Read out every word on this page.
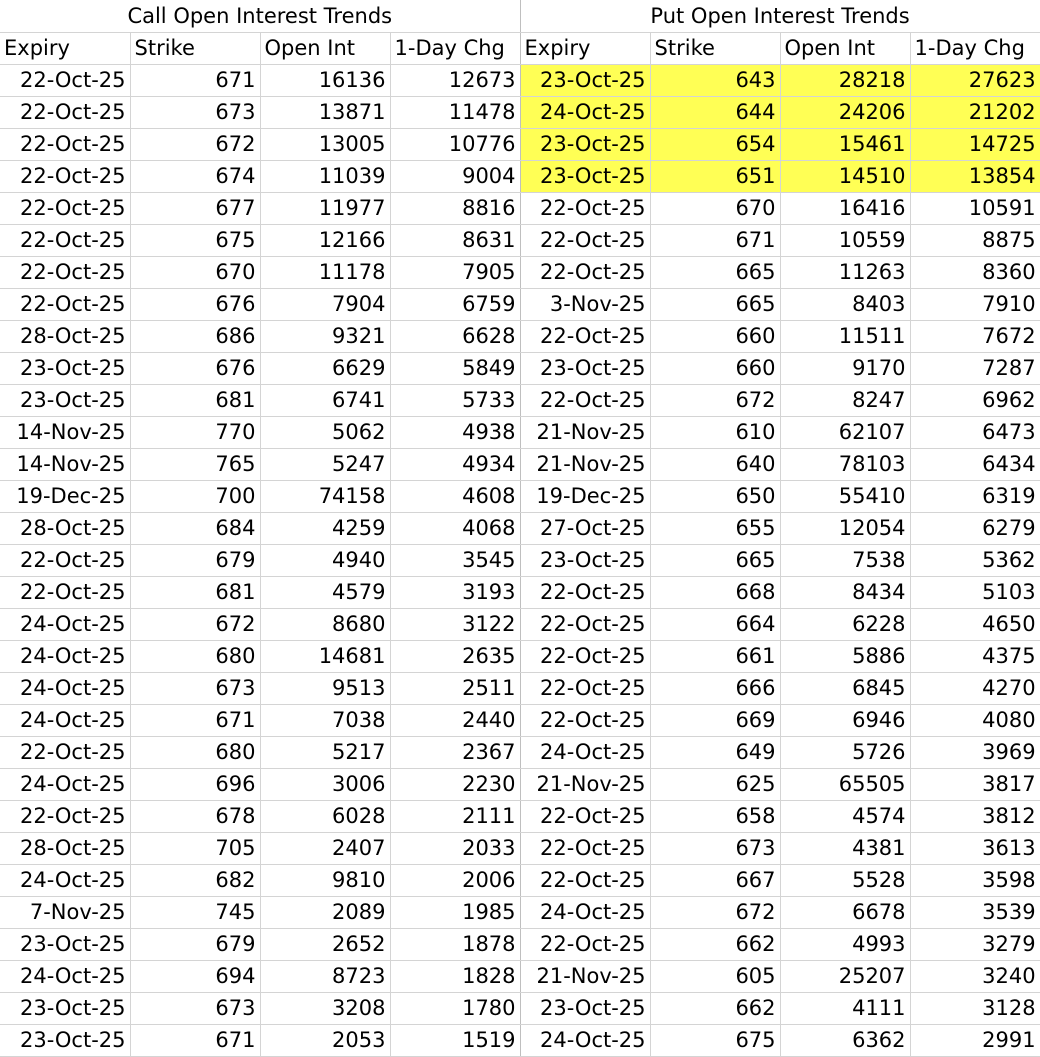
Call Open Interest Trends				Put Open Interest Trends			
Expiry	Strike	Open Int	1-Day Chg	Expiry	Strike	Open Int	1-Day Chg
22-Oct-25	671	16136	12673	23-Oct-25	643	28218	27623
22-Oct-25	673	13871	11478	24-Oct-25	644	24206	21202
22-Oct-25	672	13005	10776	23-Oct-25	654	15461	14725
22-Oct-25	674	11039	9004	23-Oct-25	651	14510	13854
22-Oct-25	677	11977	8816	22-Oct-25	670	16416	10591
22-Oct-25	675	12166	8631	22-Oct-25	671	10559	8875
22-Oct-25	670	11178	7905	22-Oct-25	665	11263	8360
22-Oct-25	676	7904	6759	3-Nov-25	665	8403	7910
28-Oct-25	686	9321	6628	22-Oct-25	660	11511	7672
23-Oct-25	676	6629	5849	23-Oct-25	660	9170	7287
23-Oct-25	681	6741	5733	22-Oct-25	672	8247	6962
14-Nov-25	770	5062	4938	21-Nov-25	610	62107	6473
14-Nov-25	765	5247	4934	21-Nov-25	640	78103	6434
19-Dec-25	700	74158	4608	19-Dec-25	650	55410	6319
28-Oct-25	684	4259	4068	27-Oct-25	655	12054	6279
22-Oct-25	679	4940	3545	23-Oct-25	665	7538	5362
22-Oct-25	681	4579	3193	22-Oct-25	668	8434	5103
24-Oct-25	672	8680	3122	22-Oct-25	664	6228	4650
24-Oct-25	680	14681	2635	22-Oct-25	661	5886	4375
24-Oct-25	673	9513	2511	22-Oct-25	666	6845	4270
24-Oct-25	671	7038	2440	22-Oct-25	669	6946	4080
22-Oct-25	680	5217	2367	24-Oct-25	649	5726	3969
24-Oct-25	696	3006	2230	21-Nov-25	625	65505	3817
22-Oct-25	678	6028	2111	22-Oct-25	658	4574	3812
28-Oct-25	705	2407	2033	22-Oct-25	673	4381	3613
24-Oct-25	682	9810	2006	22-Oct-25	667	5528	3598
7-Nov-25	745	2089	1985	24-Oct-25	672	6678	3539
23-Oct-25	679	2652	1878	22-Oct-25	662	4993	3279
24-Oct-25	694	8723	1828	21-Nov-25	605	25207	3240
23-Oct-25	673	3208	1780	23-Oct-25	662	4111	3128
23-Oct-25	671	2053	1519	24-Oct-25	675	6362	2991
